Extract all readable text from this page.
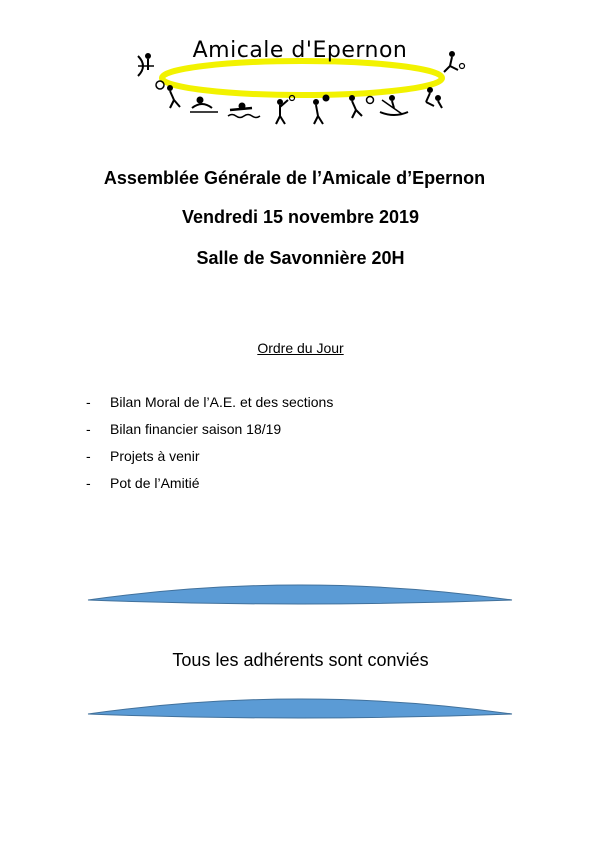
Amicale d'Epernon
Assemblée Générale de l’Amicale d’Epernon
Vendredi 15 novembre 2019
Salle de Savonnière 20H
Ordre du Jour
-	Bilan Moral de l’A.E. et des sections
-	Bilan financier saison 18/19
-	Projets à venir
-	Pot de l’Amitié
Tous les adhérents sont conviés
